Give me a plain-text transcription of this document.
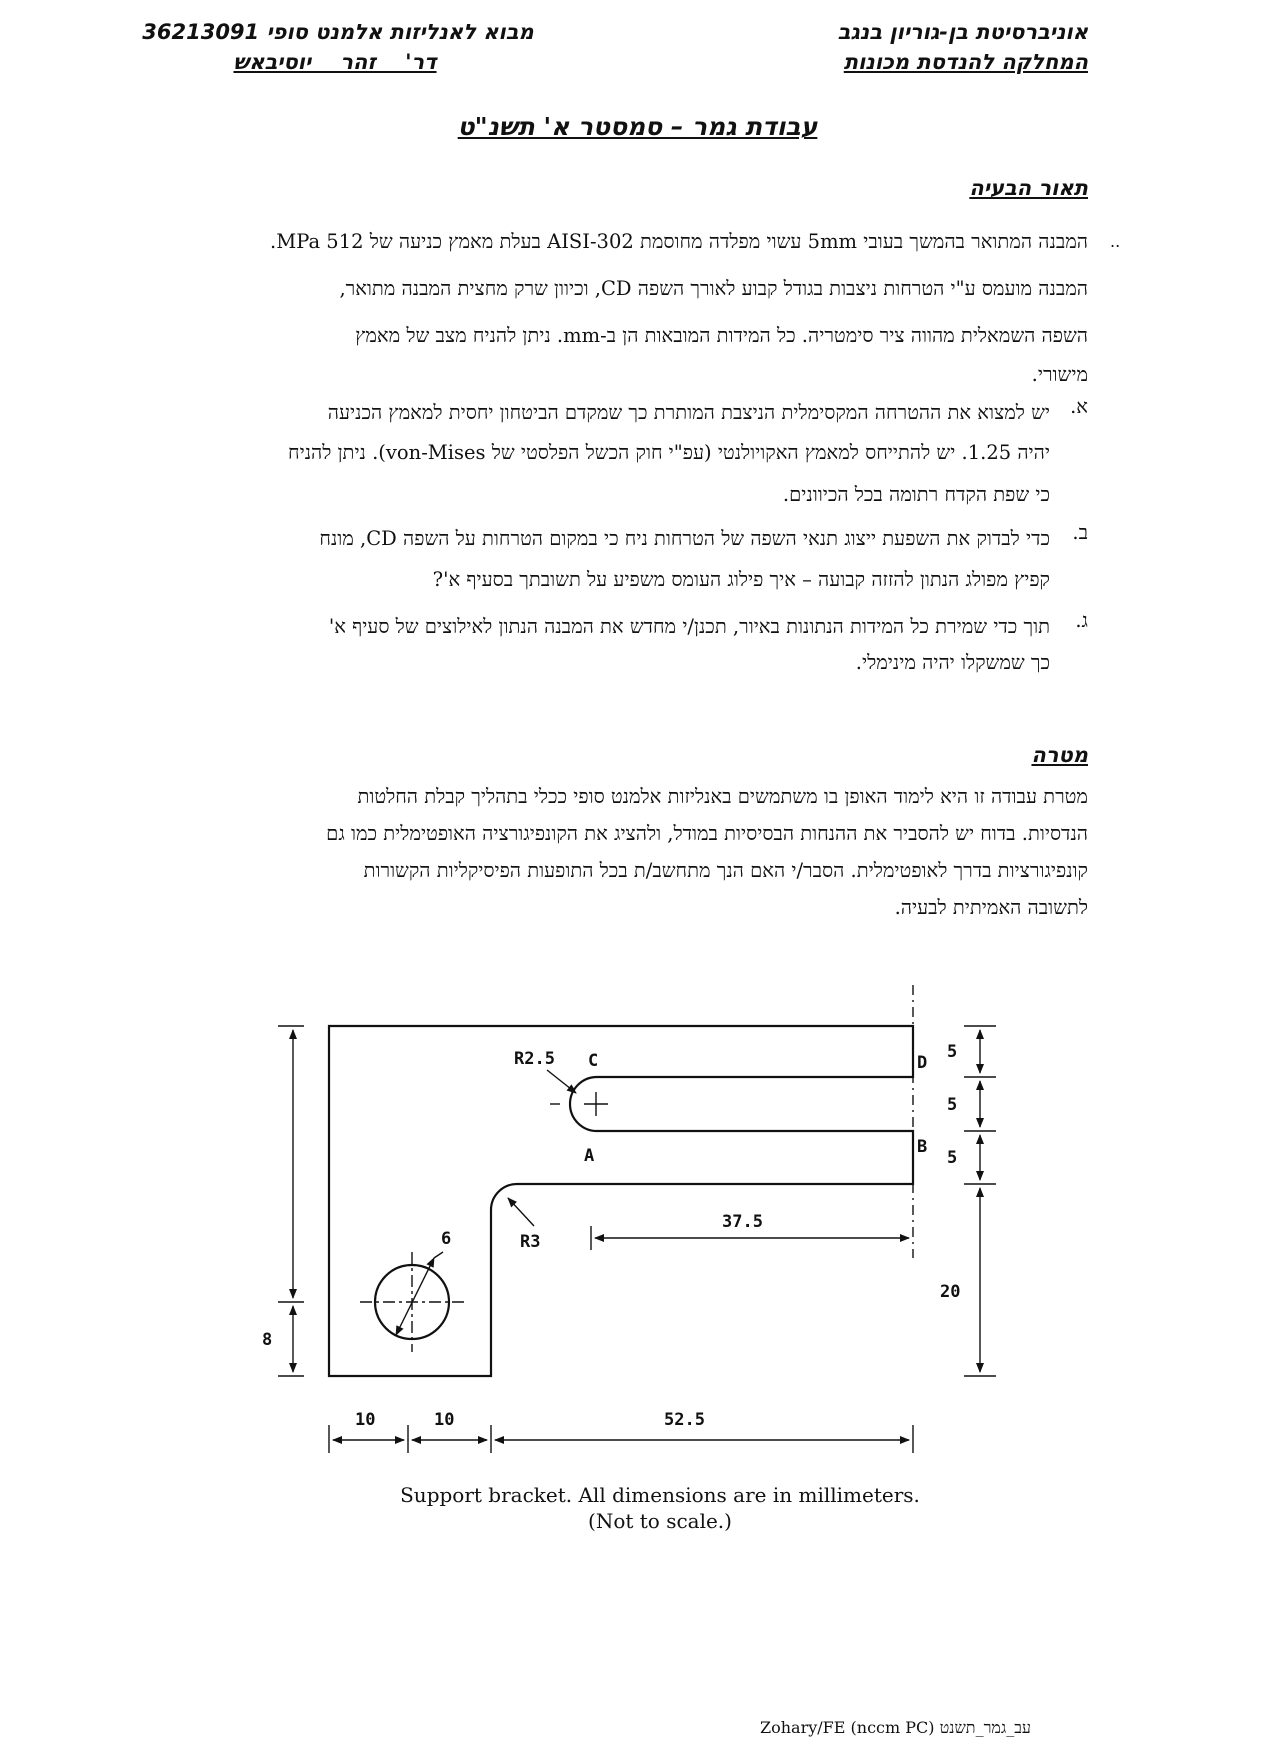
אוניברסיטת בן-גוריון בנגב
המחלקה להנדסת מכונות
מבוא לאנליזות אלמנט סופי 36213091
דר'    זהר    יוסיבאש
עבודת גמר – סמסטר א' תשנ"ט
תאור הבעיה
..

המבנה המתואר בהמשך בעובי 5mm עשוי מפלדה מחוסמת AISI-302 בעלת מאמץ כניעה של 512 MPa.

המבנה מועמס ע"י הטרחות ניצבות בגודל קבוע לאורך השפה CD, וכיוון שרק מחצית המבנה מתואר,

השפה השמאלית מהווה ציר סימטריה. כל המידות המובאות הן ב-mm. ניתן להניח מצב של מאמץ

מישורי.

א.
יש למצוא את ההטרחה המקסימלית הניצבת המותרת כך שמקדם הביטחון יחסית למאמץ הכניעה
יהיה 1.25. יש להתייחס למאמץ האקויולנטי (עפ"י חוק הכשל הפלסטי של von-Mises). ניתן להניח
כי שפת הקדח רתומה בכל הכיוונים.
ב.
כדי לבדוק את השפעת ייצוג תנאי השפה של הטרחות ניח כי במקום הטרחות על השפה CD, מונח
קפיץ מפולג הנתון להזזה קבועה – איך פילוג העומס משפיע על תשובתך בסעיף א'?
ג.
תוך כדי שמירת כל המידות הנתונות באיור, תכנן/י מחדש את המבנה הנתון לאילוצים של סעיף א'
כך שמשקלו יהיה מינימלי.
מטרה
מטרת עבודה זו היא לימוד האופן בו משתמשים באנליזות אלמנט סופי ככלי בתהליך קבלת החלטות
הנדסיות. בדוח יש להסביר את ההנחות הבסיסיות במודל, ולהציג את הקונפיגורציה האופטימלית כמו גם
קונפיגורציות בדרך לאופטימלית. הסבר/י האם הנך מתחשב/ת בכל התופעות הפיסיקליות הקשורות
לתשובה האמיתית לבעיה.
R2.5 C
A
D
B
R3
6
37.5
5
5
5
20
8
10	10	52.5
Support bracket. All dimensions are in millimeters.
(Not to scale.)
Zohary/FE (nccm PC) עב_גמר_תשנט
